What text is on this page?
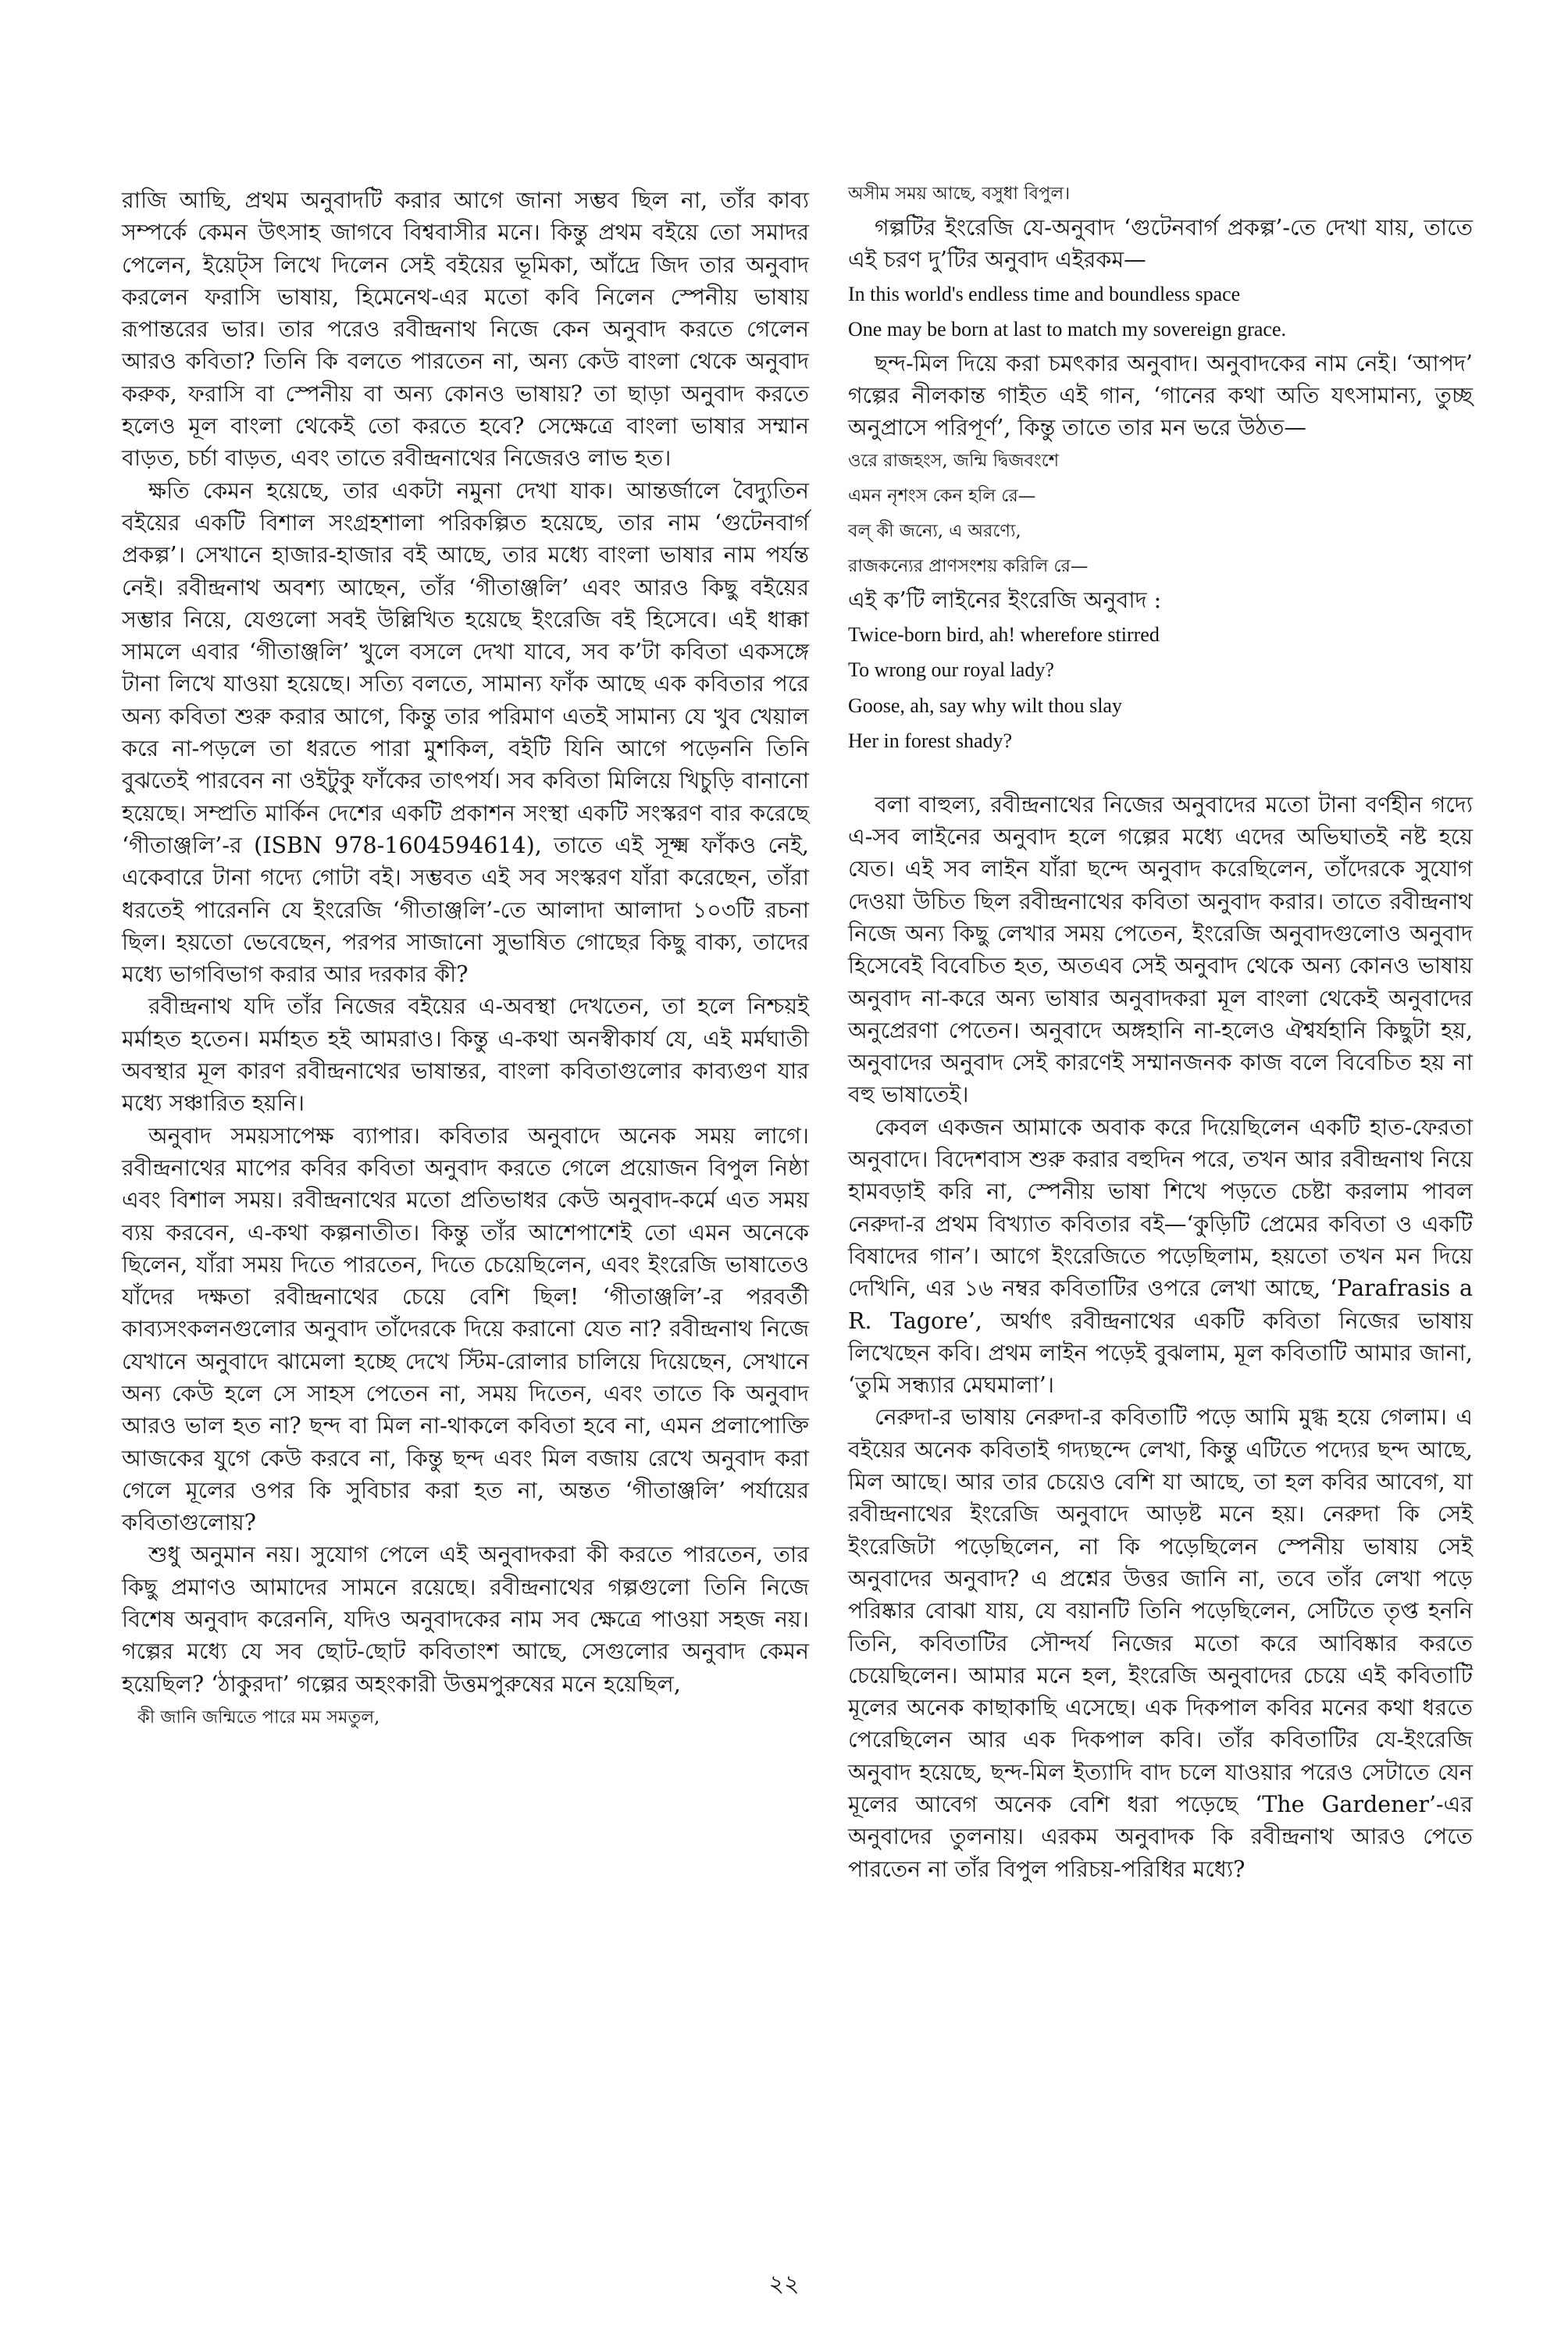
রাজি আছি, প্রথম অনুবাদটি করার আগে জানা সম্ভব ছিল না, তাঁর কাব্য সম্পর্কে কেমন উৎসাহ জাগবে বিশ্ববাসীর মনে। কিন্তু প্রথম বইয়ে তো সমাদর পেলেন, ইয়েট্স লিখে দিলেন সেই বইয়ের ভূমিকা, আঁদ্রে জিদ তার অনুবাদ করলেন ফরাসি ভাষায়, হিমেনেথ-এর মতো কবি নিলেন স্পেনীয় ভাষায় রূপান্তরের ভার। তার পরেও রবীন্দ্রনাথ নিজে কেন অনুবাদ করতে গেলেন আরও কবিতা? তিনি কি বলতে পারতেন না, অন্য কেউ বাংলা থেকে অনুবাদ করুক, ফরাসি বা স্পেনীয় বা অন্য কোনও ভাষায়? তা ছাড়া অনুবাদ করতে হলেও মূল বাংলা থেকেই তো করতে হবে? সেক্ষেত্রে বাংলা ভাষার সম্মান বাড়ত, চর্চা বাড়ত, এবং তাতে রবীন্দ্রনাথের নিজেরও লাভ হত।

ক্ষতি কেমন হয়েছে, তার একটা নমুনা দেখা যাক। আন্তর্জালে বৈদ্যুতিন বইয়ের একটি বিশাল সংগ্রহশালা পরিকল্পিত হয়েছে, তার নাম ‘গুটেনবার্গ প্রকল্প’। সেখানে হাজার-হাজার বই আছে, তার মধ্যে বাংলা ভাষার নাম পর্যন্ত নেই। রবীন্দ্রনাথ অবশ্য আছেন, তাঁর ‘গীতাঞ্জলি’ এবং আরও কিছু বইয়ের সম্ভার নিয়ে, যেগুলো সবই উল্লিখিত হয়েছে ইংরেজি বই হিসেবে। এই ধাক্কা সামলে এবার ‘গীতাঞ্জলি’ খুলে বসলে দেখা যাবে, সব ক’টা কবিতা একসঙ্গে টানা লিখে যাওয়া হয়েছে। সত্যি বলতে, সামান্য ফাঁক আছে এক কবিতার পরে অন্য কবিতা শুরু করার আগে, কিন্তু তার পরিমাণ এতই সামান্য যে খুব খেয়াল করে না-পড়লে তা ধরতে পারা মুশকিল, বইটি যিনি আগে পড়েননি তিনি বুঝতেই পারবেন না ওইটুকু ফাঁকের তাৎপর্য। সব কবিতা মিলিয়ে খিচুড়ি বানানো হয়েছে। সম্প্রতি মার্কিন দেশের একটি প্রকাশন সংস্থা একটি সংস্করণ বার করেছে ‘গীতাঞ্জলি’-র (ISBN 978-1604594614), তাতে এই সূক্ষ্ম ফাঁকও নেই, একেবারে টানা গদ্যে গোটা বই। সম্ভবত এই সব সংস্করণ যাঁরা করেছেন, তাঁরা ধরতেই পারেননি যে ইংরেজি ‘গীতাঞ্জলি’-তে আলাদা আলাদা ১০৩টি রচনা ছিল। হয়তো ভেবেছেন, পরপর সাজানো সুভাষিত গোছের কিছু বাক্য, তাদের মধ্যে ভাগবিভাগ করার আর দরকার কী?

রবীন্দ্রনাথ যদি তাঁর নিজের বইয়ের এ-অবস্থা দেখতেন, তা হলে নিশ্চয়ই মর্মাহত হতেন। মর্মাহত হই আমরাও। কিন্তু এ-কথা অনস্বীকার্য যে, এই মর্মঘাতী অবস্থার মূল কারণ রবীন্দ্রনাথের ভাষান্তর, বাংলা কবিতাগুলোর কাব্যগুণ যার মধ্যে সঞ্চারিত হয়নি।

অনুবাদ সময়সাপেক্ষ ব্যাপার। কবিতার অনুবাদে অনেক সময় লাগে। রবীন্দ্রনাথের মাপের কবির কবিতা অনুবাদ করতে গেলে প্রয়োজন বিপুল নিষ্ঠা এবং বিশাল সময়। রবীন্দ্রনাথের মতো প্রতিভাধর কেউ অনুবাদ-কর্মে এত সময় ব্যয় করবেন, এ-কথা কল্পনাতীত। কিন্তু তাঁর আশেপাশেই তো এমন অনেকে ছিলেন, যাঁরা সময় দিতে পারতেন, দিতে চেয়েছিলেন, এবং ইংরেজি ভাষাতেও যাঁদের দক্ষতা রবীন্দ্রনাথের চেয়ে বেশি ছিল! ‘গীতাঞ্জলি’-র পরবর্তী কাব্যসংকলনগুলোর অনুবাদ তাঁদেরকে দিয়ে করানো যেত না? রবীন্দ্রনাথ নিজে যেখানে অনুবাদে ঝামেলা হচ্ছে দেখে স্টিম-রোলার চালিয়ে দিয়েছেন, সেখানে অন্য কেউ হলে সে সাহস পেতেন না, সময় দিতেন, এবং তাতে কি অনুবাদ আরও ভাল হত না? ছন্দ বা মিল না-থাকলে কবিতা হবে না, এমন প্রলাপোক্তি আজকের যুগে কেউ করবে না, কিন্তু ছন্দ এবং মিল বজায় রেখে অনুবাদ করা গেলে মূলের ওপর কি সুবিচার করা হত না, অন্তত ‘গীতাঞ্জলি’ পর্যায়ের কবিতাগুলোয়?

শুধু অনুমান নয়। সুযোগ পেলে এই অনুবাদকরা কী করতে পারতেন, তার কিছু প্রমাণও আমাদের সামনে রয়েছে। রবীন্দ্রনাথের গল্পগুলো তিনি নিজে বিশেষ অনুবাদ করেননি, যদিও অনুবাদকের নাম সব ক্ষেত্রে পাওয়া সহজ নয়। গল্পের মধ্যে যে সব ছোট-ছোট কবিতাংশ আছে, সেগুলোর অনুবাদ কেমন হয়েছিল? ‘ঠাকুরদা’ গল্পের অহংকারী উত্তমপুরুষের মনে হয়েছিল,

কী জানি জন্মিতে পারে মম সমতুল,
অসীম সময় আছে, বসুধা বিপুল।

গল্পটির ইংরেজি যে-অনুবাদ ‘গুটেনবার্গ প্রকল্প’-তে দেখা যায়, তাতে এই চরণ দু’টির অনুবাদ এইরকম—

In this world's endless time and boundless space
One may be born at last to match my sovereign grace.

ছন্দ-মিল দিয়ে করা চমৎকার অনুবাদ। অনুবাদকের নাম নেই। ‘আপদ’ গল্পের নীলকান্ত গাইত এই গান, ‘গানের কথা অতি যৎসামান্য, তুচ্ছ অনুপ্রাসে পরিপূর্ণ’, কিন্তু তাতে তার মন ভরে উঠত—

ওরে রাজহংস, জন্মি দ্বিজবংশে
এমন নৃশংস কেন হলি রে—
বল্ কী জন্যে, এ অরণ্যে,
রাজকন্যের প্রাণসংশয় করিলি রে—

এই ক’টি লাইনের ইংরেজি অনুবাদ :

Twice-born bird, ah! wherefore stirred
To wrong our royal lady?
Goose, ah, say why wilt thou slay
Her in forest shady?

বলা বাহুল্য, রবীন্দ্রনাথের নিজের অনুবাদের মতো টানা বর্ণহীন গদ্যে এ-সব লাইনের অনুবাদ হলে গল্পের মধ্যে এদের অভিঘাতই নষ্ট হয়ে যেত। এই সব লাইন যাঁরা ছন্দে অনুবাদ করেছিলেন, তাঁদেরকে সুযোগ দেওয়া উচিত ছিল রবীন্দ্রনাথের কবিতা অনুবাদ করার। তাতে রবীন্দ্রনাথ নিজে অন্য কিছু লেখার সময় পেতেন, ইংরেজি অনুবাদগুলোও অনুবাদ হিসেবেই বিবেচিত হত, অতএব সেই অনুবাদ থেকে অন্য কোনও ভাষায় অনুবাদ না-করে অন্য ভাষার অনুবাদকরা মূল বাংলা থেকেই অনুবাদের অনুপ্রেরণা পেতেন। অনুবাদে অঙ্গহানি না-হলেও ঐশ্বর্যহানি কিছুটা হয়, অনুবাদের অনুবাদ সেই কারণেই সম্মানজনক কাজ বলে বিবেচিত হয় না বহু ভাষাতেই।

কেবল একজন আমাকে অবাক করে দিয়েছিলেন একটি হাত-ফেরতা অনুবাদে। বিদেশবাস শুরু করার বহুদিন পরে, তখন আর রবীন্দ্রনাথ নিয়ে হামবড়াই করি না, স্পেনীয় ভাষা শিখে পড়তে চেষ্টা করলাম পাবল নেরুদা-র প্রথম বিখ্যাত কবিতার বই—‘কুড়িটি প্রেমের কবিতা ও একটি বিষাদের গান’। আগে ইংরেজিতে পড়েছিলাম, হয়তো তখন মন দিয়ে দেখিনি, এর ১৬ নম্বর কবিতাটির ওপরে লেখা আছে, ‘Parafrasis a R. Tagore’, অর্থাৎ রবীন্দ্রনাথের একটি কবিতা নিজের ভাষায় লিখেছেন কবি। প্রথম লাইন পড়েই বুঝলাম, মূল কবিতাটি আমার জানা, ‘তুমি সন্ধ্যার মেঘমালা’।

নেরুদা-র ভাষায় নেরুদা-র কবিতাটি পড়ে আমি মুগ্ধ হয়ে গেলাম। এ বইয়ের অনেক কবিতাই গদ্যছন্দে লেখা, কিন্তু এটিতে পদ্যের ছন্দ আছে, মিল আছে। আর তার চেয়েও বেশি যা আছে, তা হল কবির আবেগ, যা রবীন্দ্রনাথের ইংরেজি অনুবাদে আড়ষ্ট মনে হয়। নেরুদা কি সেই ইংরেজিটা পড়েছিলেন, না কি পড়েছিলেন স্পেনীয় ভাষায় সেই অনুবাদের অনুবাদ? এ প্রশ্নের উত্তর জানি না, তবে তাঁর লেখা পড়ে পরিষ্কার বোঝা যায়, যে বয়ানটি তিনি পড়েছিলেন, সেটিতে তৃপ্ত হননি তিনি, কবিতাটির সৌন্দর্য নিজের মতো করে আবিষ্কার করতে চেয়েছিলেন। আমার মনে হল, ইংরেজি অনুবাদের চেয়ে এই কবিতাটি মূলের অনেক কাছাকাছি এসেছে। এক দিকপাল কবির মনের কথা ধরতে পেরেছিলেন আর এক দিকপাল কবি। তাঁর কবিতাটির যে-ইংরেজি অনুবাদ হয়েছে, ছন্দ-মিল ইত্যাদি বাদ চলে যাওয়ার পরেও সেটাতে যেন মূলের আবেগ অনেক বেশি ধরা পড়েছে ‘The Gardener’-এর অনুবাদের তুলনায়। এরকম অনুবাদক কি রবীন্দ্রনাথ আরও পেতে পারতেন না তাঁর বিপুল পরিচয়-পরিধির মধ্যে?

২২
